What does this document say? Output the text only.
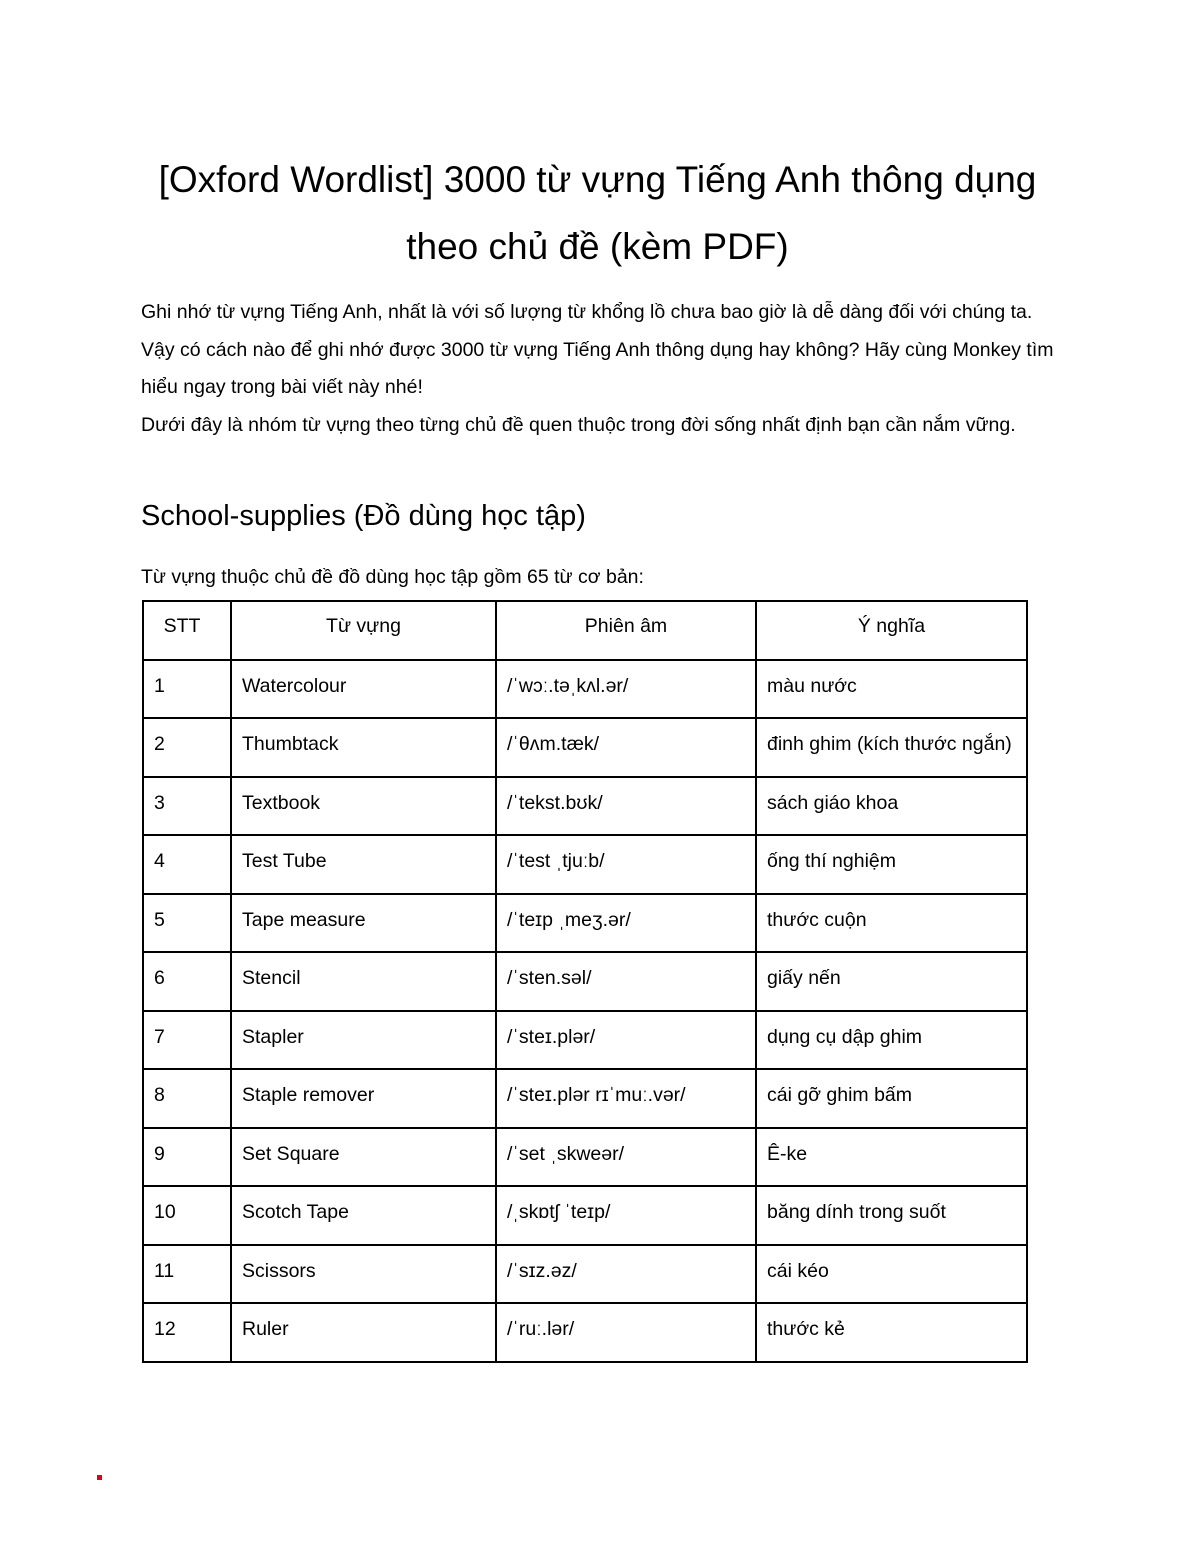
[Oxford Wordlist] 3000 từ vựng Tiếng Anh thông dụng theo chủ đề (kèm PDF)

Ghi nhớ từ vựng Tiếng Anh, nhất là với số lượng từ khổng lồ chưa bao giờ là dễ dàng đối với chúng ta. Vậy có cách nào để ghi nhớ được 3000 từ vựng Tiếng Anh thông dụng hay không? Hãy cùng Monkey tìm hiểu ngay trong bài viết này nhé!

Dưới đây là nhóm từ vựng theo từng chủ đề quen thuộc trong đời sống nhất định bạn cần nắm vững.

School-supplies (Đồ dùng học tập)

Từ vựng thuộc chủ đề đồ dùng học tập gồm 65 từ cơ bản:

STT	Từ vựng	Phiên âm	Ý nghĩa
1	Watercolour	/ˈwɔː.təˌkʌl.ər/	màu nước
2	Thumbtack	/ˈθʌm.tæk/	đinh ghim (kích thước ngắn)
3	Textbook	/ˈtekst.bʊk/	sách giáo khoa
4	Test Tube	/ˈtest ˌtjuːb/	ống thí nghiệm
5	Tape measure	/ˈteɪp ˌmeʒ.ər/	thước cuộn
6	Stencil	/ˈsten.səl/	giấy nến
7	Stapler	/ˈsteɪ.plər/	dụng cụ dập ghim
8	Staple remover	/ˈsteɪ.plər rɪˈmuː.vər/	cái gỡ ghim bấm
9	Set Square	/ˈset ˌskweər/	Ê-ke
10	Scotch Tape	/ˌskɒtʃ ˈteɪp/	băng dính trong suốt
11	Scissors	/ˈsɪz.əz/	cái kéo
12	Ruler	/ˈruː.lər/	thước kẻ
